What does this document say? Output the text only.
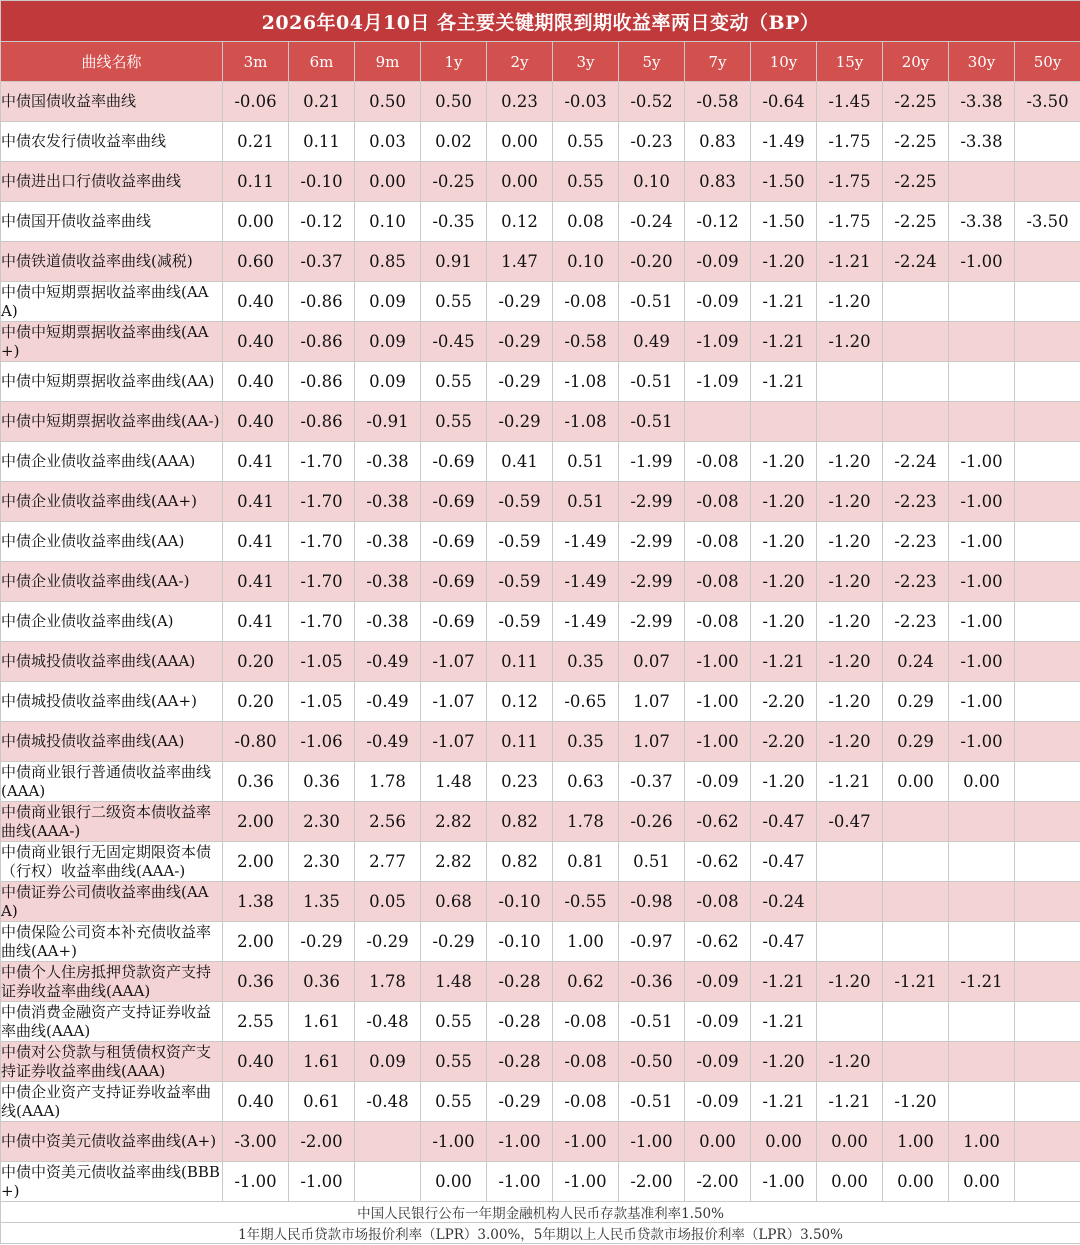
2026年04月10日 各主要关键期限到期收益率两日变动（BP）													
曲线名称	3m	6m	9m	1y	2y	3y	5y	7y	10y	15y	20y	30y	50y
中债国债收益率曲线	-0.06	0.21	0.50	0.50	0.23	-0.03	-0.52	-0.58	-0.64	-1.45	-2.25	-3.38	-3.50
中债农发行债收益率曲线	0.21	0.11	0.03	0.02	0.00	0.55	-0.23	0.83	-1.49	-1.75	-2.25	-3.38	
中债进出口行债收益率曲线	0.11	-0.10	0.00	-0.25	0.00	0.55	0.10	0.83	-1.50	-1.75	-2.25		
中债国开债收益率曲线	0.00	-0.12	0.10	-0.35	0.12	0.08	-0.24	-0.12	-1.50	-1.75	-2.25	-3.38	-3.50
中债铁道债收益率曲线(减税)	0.60	-0.37	0.85	0.91	1.47	0.10	-0.20	-0.09	-1.20	-1.21	-2.24	-1.00	
中债中短期票据收益率曲线(AAA)	0.40	-0.86	0.09	0.55	-0.29	-0.08	-0.51	-0.09	-1.21	-1.20			
中债中短期票据收益率曲线(AA+)	0.40	-0.86	0.09	-0.45	-0.29	-0.58	0.49	-1.09	-1.21	-1.20			
中债中短期票据收益率曲线(AA)	0.40	-0.86	0.09	0.55	-0.29	-1.08	-0.51	-1.09	-1.21				
中债中短期票据收益率曲线(AA-)	0.40	-0.86	-0.91	0.55	-0.29	-1.08	-0.51						
中债企业债收益率曲线(AAA)	0.41	-1.70	-0.38	-0.69	0.41	0.51	-1.99	-0.08	-1.20	-1.20	-2.24	-1.00	
中债企业债收益率曲线(AA+)	0.41	-1.70	-0.38	-0.69	-0.59	0.51	-2.99	-0.08	-1.20	-1.20	-2.23	-1.00	
中债企业债收益率曲线(AA)	0.41	-1.70	-0.38	-0.69	-0.59	-1.49	-2.99	-0.08	-1.20	-1.20	-2.23	-1.00	
中债企业债收益率曲线(AA-)	0.41	-1.70	-0.38	-0.69	-0.59	-1.49	-2.99	-0.08	-1.20	-1.20	-2.23	-1.00	
中债企业债收益率曲线(A)	0.41	-1.70	-0.38	-0.69	-0.59	-1.49	-2.99	-0.08	-1.20	-1.20	-2.23	-1.00	
中债城投债收益率曲线(AAA)	0.20	-1.05	-0.49	-1.07	0.11	0.35	0.07	-1.00	-1.21	-1.20	0.24	-1.00	
中债城投债收益率曲线(AA+)	0.20	-1.05	-0.49	-1.07	0.12	-0.65	1.07	-1.00	-2.20	-1.20	0.29	-1.00	
中债城投债收益率曲线(AA)	-0.80	-1.06	-0.49	-1.07	0.11	0.35	1.07	-1.00	-2.20	-1.20	0.29	-1.00	
中债商业银行普通债收益率曲线(AAA)	0.36	0.36	1.78	1.48	0.23	0.63	-0.37	-0.09	-1.20	-1.21	0.00	0.00	
中债商业银行二级资本债收益率曲线(AAA-)	2.00	2.30	2.56	2.82	0.82	1.78	-0.26	-0.62	-0.47	-0.47			
中债商业银行无固定期限资本债（行权）收益率曲线(AAA-)	2.00	2.30	2.77	2.82	0.82	0.81	0.51	-0.62	-0.47				
中债证券公司债收益率曲线(AAA)	1.38	1.35	0.05	0.68	-0.10	-0.55	-0.98	-0.08	-0.24				
中债保险公司资本补充债收益率曲线(AA+)	2.00	-0.29	-0.29	-0.29	-0.10	1.00	-0.97	-0.62	-0.47				
中债个人住房抵押贷款资产支持证券收益率曲线(AAA)	0.36	0.36	1.78	1.48	-0.28	0.62	-0.36	-0.09	-1.21	-1.20	-1.21	-1.21	
中债消费金融资产支持证券收益率曲线(AAA)	2.55	1.61	-0.48	0.55	-0.28	-0.08	-0.51	-0.09	-1.21				
中债对公贷款与租赁债权资产支持证券收益率曲线(AAA)	0.40	1.61	0.09	0.55	-0.28	-0.08	-0.50	-0.09	-1.20	-1.20			
中债企业资产支持证券收益率曲线(AAA)	0.40	0.61	-0.48	0.55	-0.29	-0.08	-0.51	-0.09	-1.21	-1.21	-1.20		
中债中资美元债收益率曲线(A+)	-3.00	-2.00		-1.00	-1.00	-1.00	-1.00	0.00	0.00	0.00	1.00	1.00	
中债中资美元债收益率曲线(BBB+)	-1.00	-1.00		0.00	-1.00	-1.00	-2.00	-2.00	-1.00	0.00	0.00	0.00	
中国人民银行公布一年期金融机构人民币存款基准利率1.50%													
1年期人民币贷款市场报价利率（LPR）3.00%，5年期以上人民币贷款市场报价利率（LPR）3.50%													
